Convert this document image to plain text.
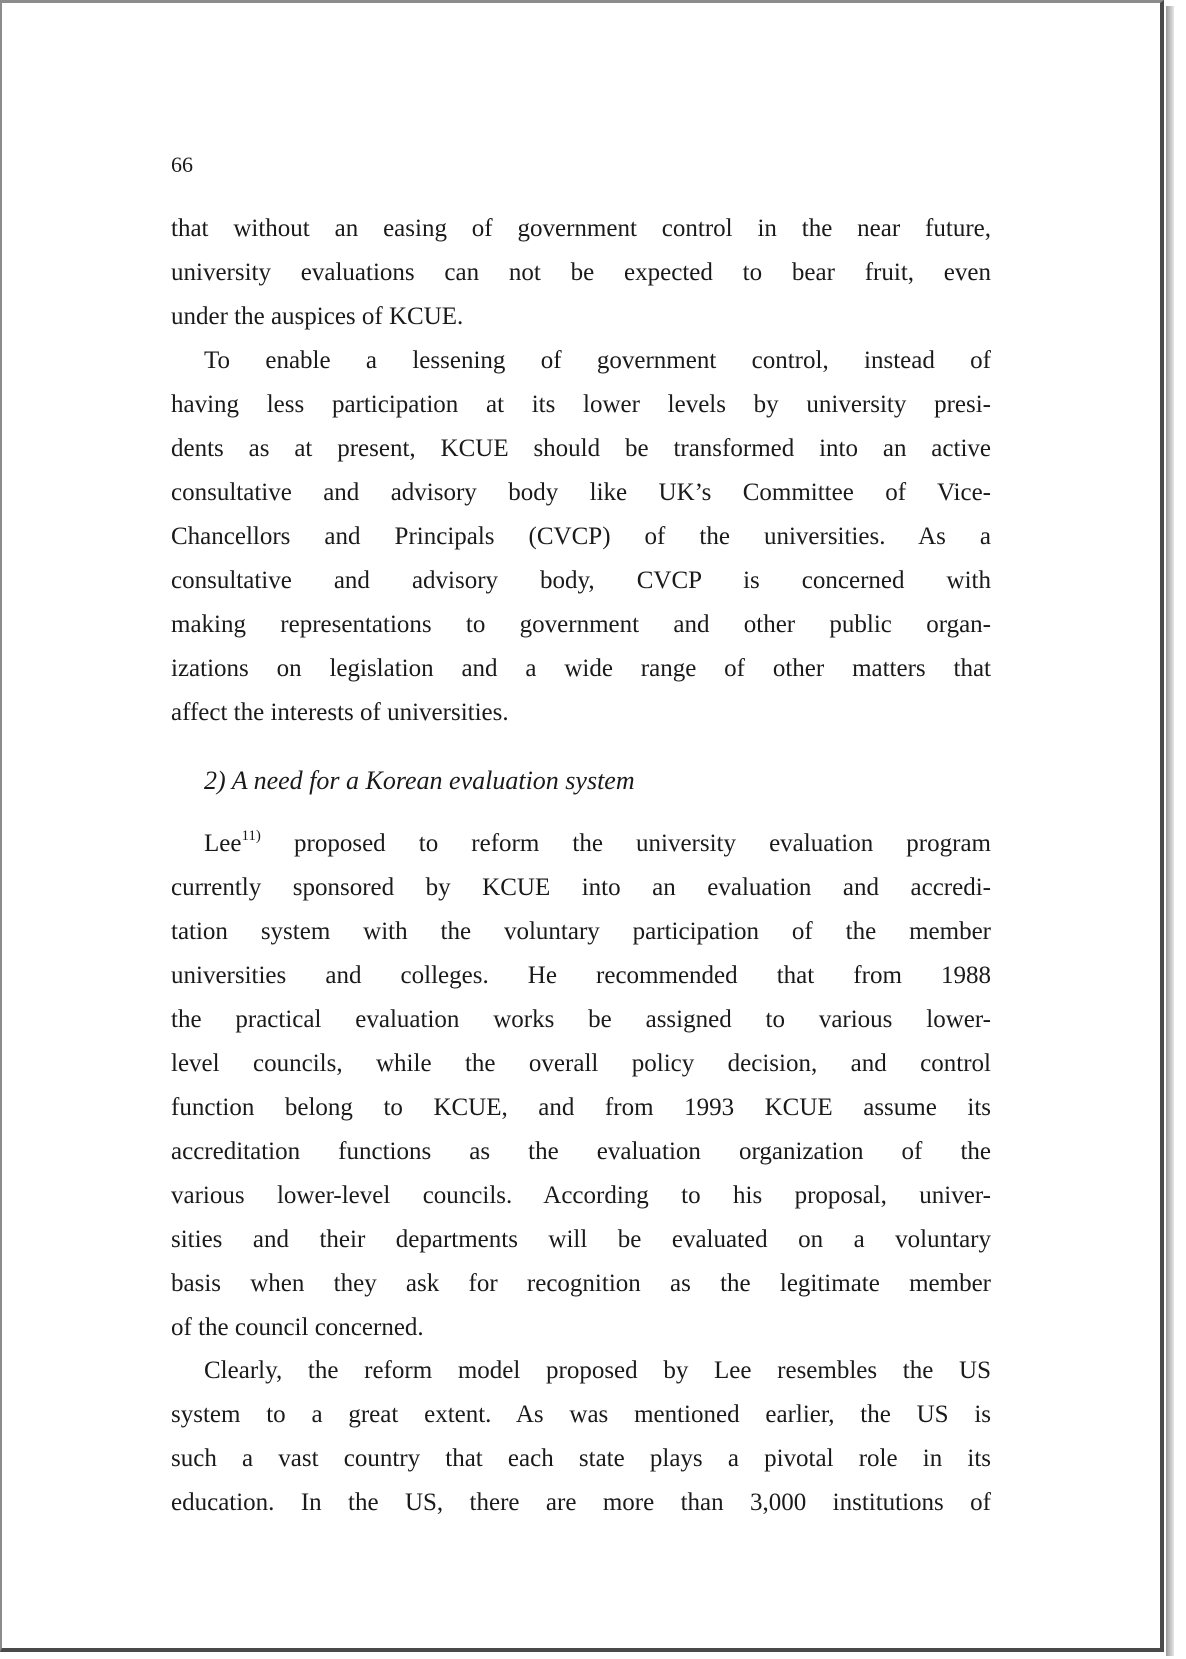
66
that without an easing of government control in the near future,
university evaluations can not be expected to bear fruit, even
under the auspices of KCUE.
To enable a lessening of government control, instead of
having less participation at its lower levels by university presi-
dents as at present, KCUE should be transformed into an active
consultative and advisory body like UK’s Committee of Vice-
Chancellors and Principals (CVCP) of the universities. As a
consultative and advisory body, CVCP is concerned with
making representations to government and other public organ-
izations on legislation and a wide range of other matters that
affect the interests of universities.
2) A need for a Korean evaluation system
Lee$^{11)}$ proposed to reform the university evaluation program
currently sponsored by KCUE into an evaluation and accredi-
tation system with the voluntary participation of the member
universities and colleges. He recommended that from 1988
the practical evaluation works be assigned to various lower-
level councils, while the overall policy decision, and control
function belong to KCUE, and from 1993 KCUE assume its
accreditation functions as the evaluation organization of the
various lower-level councils. According to his proposal, univer-
sities and their departments will be evaluated on a voluntary
basis when they ask for recognition as the legitimate member
of the council concerned.
Clearly, the reform model proposed by Lee resembles the US
system to a great extent. As was mentioned earlier, the US is
such a vast country that each state plays a pivotal role in its
education. In the US, there are more than 3,000 institutions of
